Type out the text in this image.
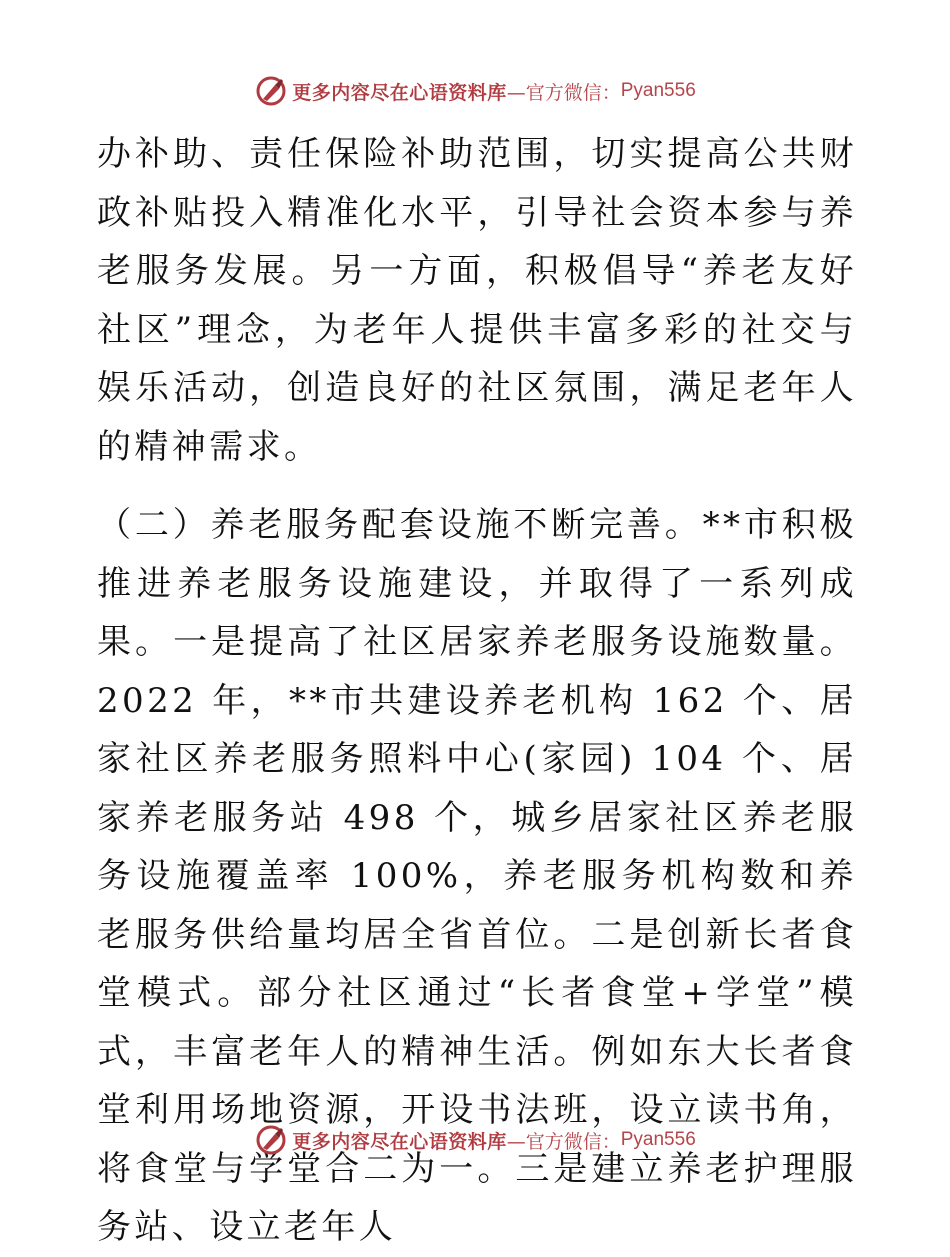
更多内容尽在心语资料库 —官方微信： Pyan556

办补助、责任保险补助范围，切实提高公共财政补贴投入精准化水平，引导社会资本参与养老服务发展。另一方面，积极倡导“养老友好社区”理念，为老年人提供丰富多彩的社交与娱乐活动，创造良好的社区氛围，满足老年人的精神需求。

（二）养老服务配套设施不断完善。**市积极推进养老服务设施建设，并取得了一系列成果。一是提高了社区居家养老服务设施数量。2022 年，**市共建设养老机构 162 个、居家社区养老服务照料中心(家园) 104 个、居家养老服务站 498 个，城乡居家社区养老服务设施覆盖率 100%，养老服务机构数和养老服务供给量均居全省首位。二是创新长者食堂模式。部分社区通过“长者食堂+学堂”模式，丰富老年人的精神生活。例如东大长者食堂利用场地资源，开设书法班，设立读书角，将食堂与学堂合二为一。三是建立养老护理服务站、设立老年人

更多内容尽在心语资料库 —官方微信： Pyan556
